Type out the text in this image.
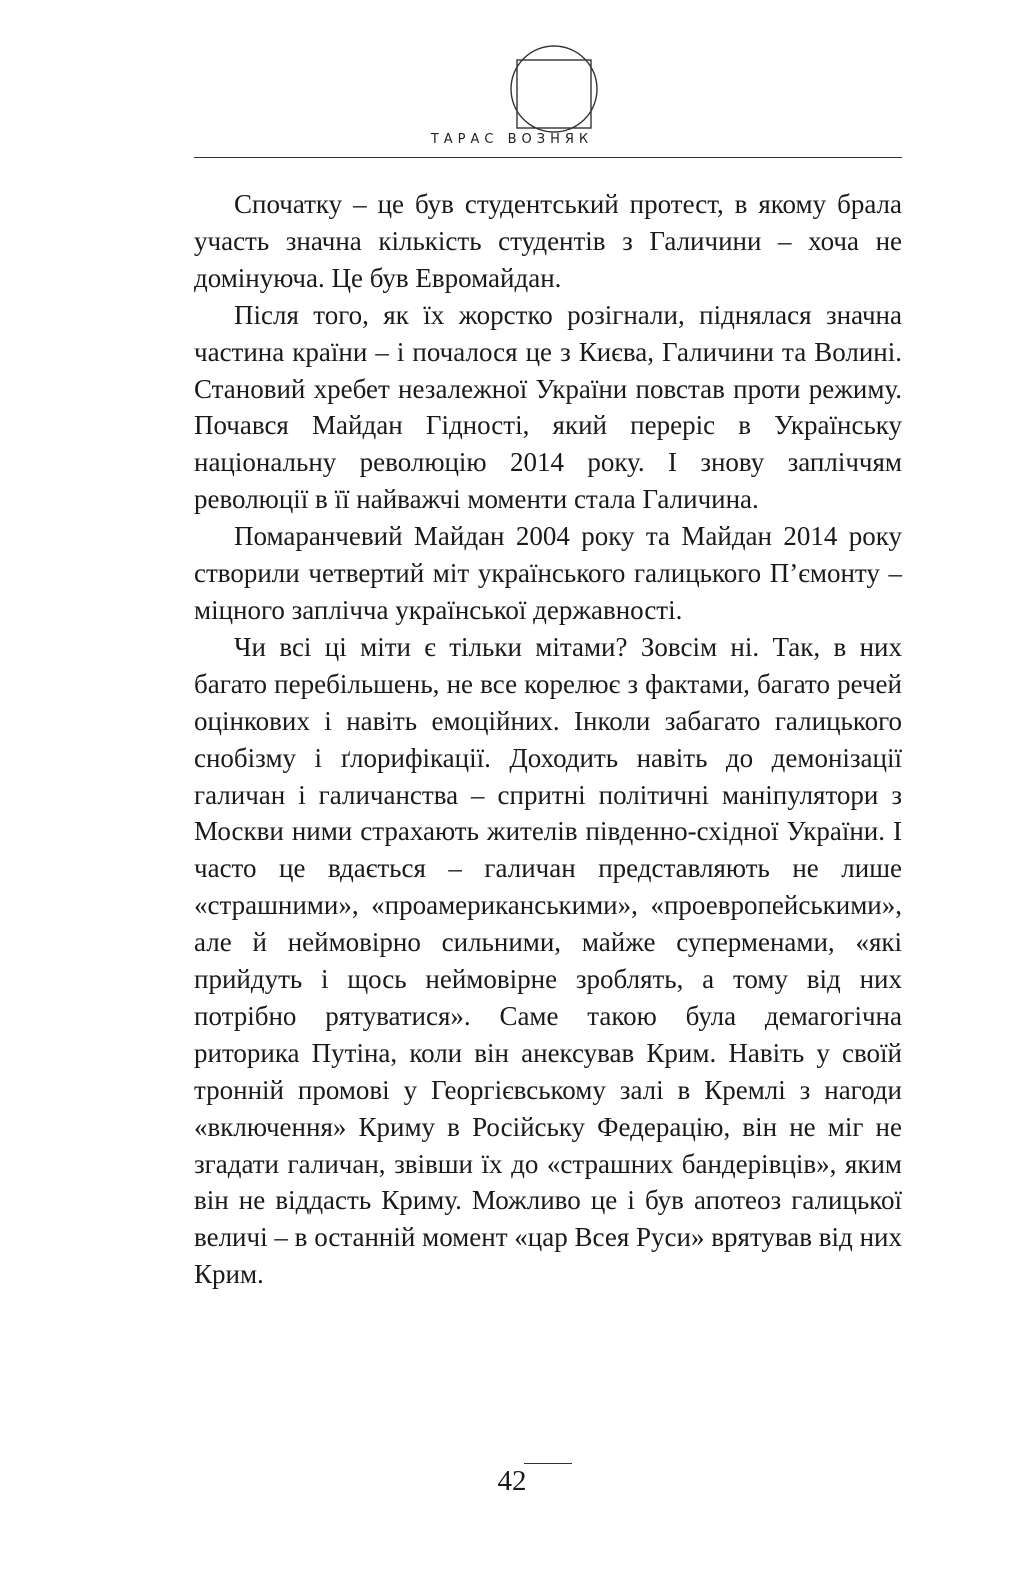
ТАРАС ВОЗНЯК

Спочатку – це був студентський протест, в якому брала участь значна кількість студентів з Галичини – хоча не домінуюча. Це був Евромайдан.

Після того, як їх жорстко розігнали, піднялася значна частина країни – і почалося це з Києва, Галичини та Волині. Становий хребет незалежної України повстав проти режиму. Почався Майдан Гідності, який переріс в Українську національну революцію 2014 року. І знову запліччям революції в її найважчі моменти стала Галичина.

Помаранчевий Майдан 2004 року та Майдан 2014 року створили четвертий міт українського галицького П’ємонту – міцного заплічча української державності.

Чи всі ці міти є тільки мітами? Зовсім ні. Так, в них багато перебільшень, не все корелює з фактами, багато речей оцінкових і навіть емоційних. Інколи забагато галицького снобізму і ґлорифікації. Доходить навіть до демонізації галичан і галичанства – спритні політичні маніпулятори з Москви ними страхають жителів південно-східної України. І часто це вдається – галичан представляють не лише «страшними», «проамериканськими», «проевропейськими», але й неймовірно сильними, майже суперменами, «які прийдуть і щось неймовірне зроблять, а тому від них потрібно рятуватися». Саме такою була демагогічна риторика Путіна, коли він анексував Крим. Навіть у своїй тронній промові у Георгієвському залі в Кремлі з нагоди «включення» Криму в Російську Федерацію, він не міг не згадати галичан, звівши їх до «страшних бандерівців», яким він не віддасть Криму. Можливо це і був апотеоз галицької величі – в останній момент «цар Всея Руси» врятував від них Крим.

42
